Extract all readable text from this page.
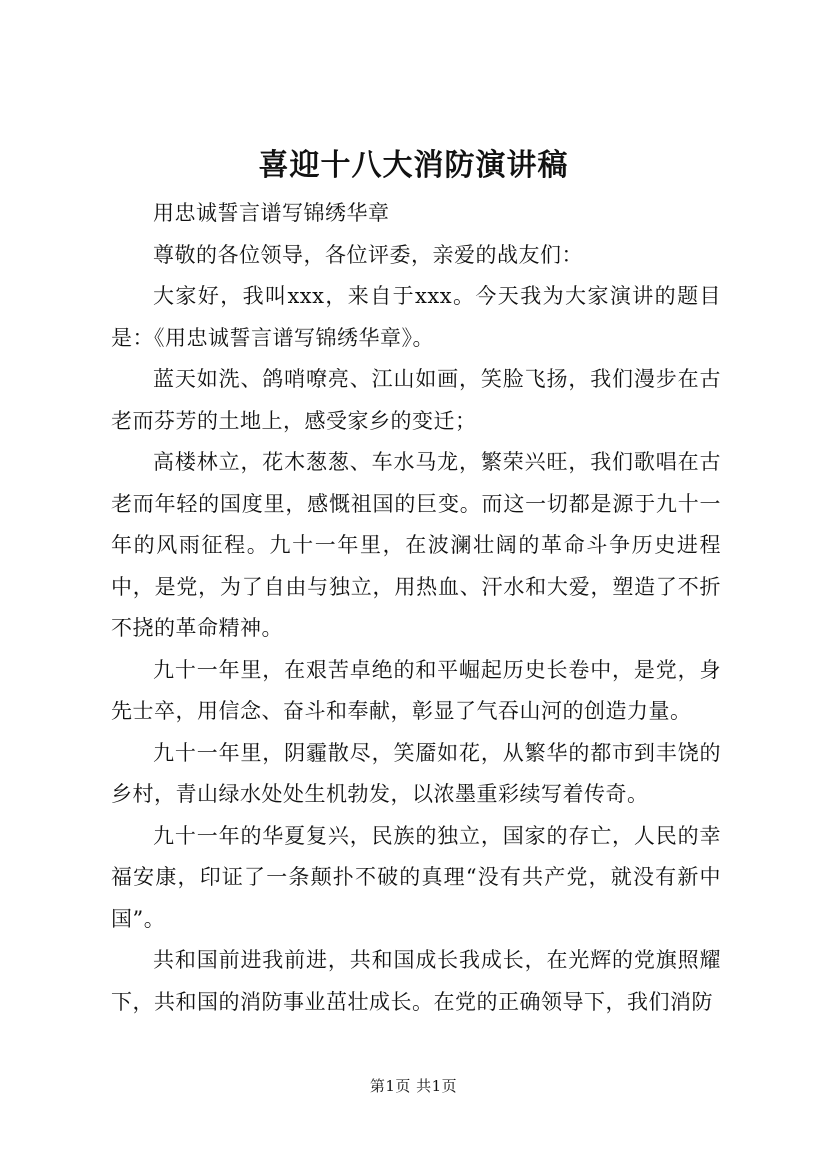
喜迎十八大消防演讲稿

用忠诚誓言谱写锦绣华章

尊敬的各位领导，各位评委，亲爱的战友们：

大家好，我叫xxx，来自于xxx。今天我为大家演讲的题目是：《用忠诚誓言谱写锦绣华章》。

蓝天如洗、鸽哨嘹亮、江山如画，笑脸飞扬，我们漫步在古老而芬芳的土地上，感受家乡的变迁；

高楼林立，花木葱葱、车水马龙，繁荣兴旺，我们歌唱在古老而年轻的国度里，感慨祖国的巨变。而这一切都是源于九十一年的风雨征程。九十一年里，在波澜壮阔的革命斗争历史进程中，是党，为了自由与独立，用热血、汗水和大爱，塑造了不折不挠的革命精神。

九十一年里，在艰苦卓绝的和平崛起历史长卷中，是党，身先士卒，用信念、奋斗和奉献，彰显了气吞山河的创造力量。

九十一年里，阴霾散尽，笑靥如花，从繁华的都市到丰饶的乡村，青山绿水处处生机勃发，以浓墨重彩续写着传奇。

九十一年的华夏复兴，民族的独立，国家的存亡，人民的幸福安康，印证了一条颠扑不破的真理“没有共产党，就没有新中国”。

共和国前进我前进，共和国成长我成长，在光辉的党旗照耀下，共和国的消防事业茁壮成长。在党的正确领导下，我们消防

第1页 共1页
